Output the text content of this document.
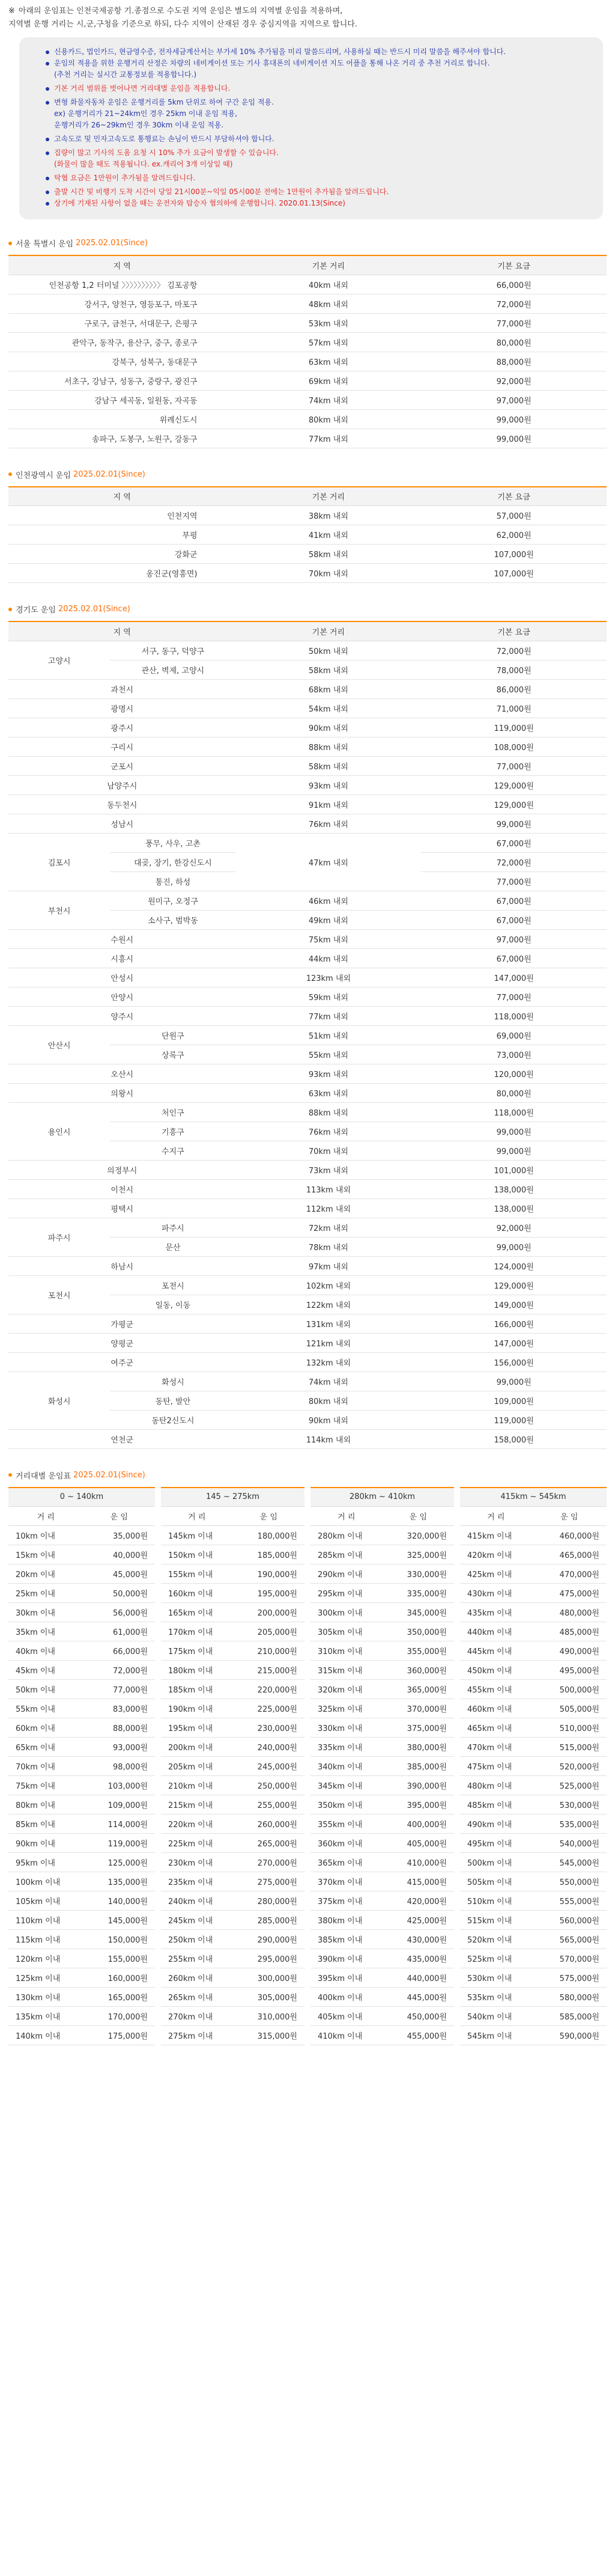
※ 아래의 운임표는 인천국제공항 기.종점으로 수도권 지역 운임은 별도의 지역별 운임을 적용하며,
지역별 운행 거리는 시,군,구청을 기준으로 하되, 다수 지역이 산재된 경우 중심지역을 지역으로 합니다.
신용카드, 법인카드, 현금영수증, 전자세금계산서는 부가세 10% 추가됨을 미리 말씀드리며, 사용하실 때는 반드시 미리 말씀을 해주셔야 합니다.
운임의 적용을 위한 운행거리 산정은 차량의 네비게이션 또는 기사 휴대폰의 네비게이션 지도 어플을 통해 나온 거리 중 추천 거리로 합니다.
(추천 거리는 실시간 교통정보를 적용합니다.)
기본 거리 범위를 벗어나면 거리대별 운임을 적용합니다.
변형 화물자동차 운임은 운행거리를 5km 단위로 하여 구간 운임 적용.
ex) 운행거리가 21~24km인 경우 25km 이내 운임 적용,
운행거리가 26~29km인 경우 30km 이내 운임 적용.
고속도로 및 민자고속도로 통행료는 손님이 반드시 부담하셔야 합니다.
집량이 많고 기사의 도움 요청 시 10% 추가 요금이 발생할 수 있습니다.
(화물이 많을 때도 적용됩니다. ex.캐리어 3개 이상일 때)
탁협 요금은 1만원이 추가됨을 알려드립니다.
출발 시간 및 비행기 도착 시간이 당일 21시00분~익일 05시00분 전에는 1만원이 추가됨을 알려드립니다.
상기에 기재된 사항이 없을 때는 운전자와 탑승자 협의하에 운행합니다. 2020.01.13(Since)
서울 특별시 운임 2025.02.01(Since)
지 역	기본 거리	기본 요금
인천공항 1,2 터미널 〉〉〉〉〉〉〉〉〉〉 김포공항	40km 내외	66,000원
강서구, 양천구, 영등포구, 마포구	48km 내외	72,000원
구로구, 금천구, 서대문구, 은평구	53km 내외	77,000원
관악구, 동작구, 용산구, 중구, 종로구	57km 내외	80,000원
강북구, 성북구, 동대문구	63km 내외	88,000원
서초구, 강남구, 성동구, 중랑구, 광진구	69km 내외	92,000원
강남구 세곡동, 일원동, 자곡동	74km 내외	97,000원
위례신도시	80km 내외	99,000원
송파구, 도봉구, 노원구, 강동구	77km 내외	99,000원
인천광역시 운임 2025.02.01(Since)
지 역	기본 거리	기본 요금
인천지역	38km 내외	57,000원
부평	41km 내외	62,000원
강화군	58km 내외	107,000원
옹진군(영흥면)	70km 내외	107,000원
경기도 운임 2025.02.01(Since)
지 역		기본 거리	기본 요금
고양시	서구, 동구, 덕양구	50km 내외	72,000원
	관산, 벽제, 고양시	58km 내외	78,000원
과천시		68km 내외	86,000원
광명시		54km 내외	71,000원
광주시		90km 내외	119,000원
구리시		88km 내외	108,000원
군포시		58km 내외	77,000원
남양주시		93km 내외	129,000원
동두천시		91km 내외	129,000원
성남시		76km 내외	99,000원
김포시	풍무, 사우, 고촌	47km 내외	67,000원
	대곶, 장기, 한강신도시		72,000원
	통진, 하성		77,000원
부천시	원미구, 오정구	46km 내외	67,000원
	소사구, 범박동	49km 내외	67,000원
수원시		75km 내외	97,000원
시흥시		44km 내외	67,000원
안성시		123km 내외	147,000원
안양시		59km 내외	77,000원
양주시		77km 내외	118,000원
안산시	단원구	51km 내외	69,000원
	상록구	55km 내외	73,000원
오산시		93km 내외	120,000원
의왕시		63km 내외	80,000원
용인시	처인구	88km 내외	118,000원
	기흥구	76km 내외	99,000원
	수지구	70km 내외	99,000원
의정부시		73km 내외	101,000원
이천시		113km 내외	138,000원
평택시		112km 내외	138,000원
파주시	파주시	72km 내외	92,000원
	문산	78km 내외	99,000원
하남시		97km 내외	124,000원
포천시	포천시	102km 내외	129,000원
	일동, 이동	122km 내외	149,000원
가평군		131km 내외	166,000원
양평군		121km 내외	147,000원
여주군		132km 내외	156,000원
화성시	화성시	74km 내외	99,000원
	동탄, 발안	80km 내외	109,000원
	동탄2신도시	90km 내외	119,000원
연천군		114km 내외	158,000원
거리대별 운임표 2025.02.01(Since)
0 ~ 140km		145 ~ 275km		280km ~ 410km		415km ~ 545km	
거 리	운 임	거 리	운 임	거 리	운 임	거 리	운 임
10km 이내	35,000원	145km 이내	180,000원	280km 이내	320,000원	415km 이내	460,000원
15km 이내	40,000원	150km 이내	185,000원	285km 이내	325,000원	420km 이내	465,000원
20km 이내	45,000원	155km 이내	190,000원	290km 이내	330,000원	425km 이내	470,000원
25km 이내	50,000원	160km 이내	195,000원	295km 이내	335,000원	430km 이내	475,000원
30km 이내	56,000원	165km 이내	200,000원	300km 이내	345,000원	435km 이내	480,000원
35km 이내	61,000원	170km 이내	205,000원	305km 이내	350,000원	440km 이내	485,000원
40km 이내	66,000원	175km 이내	210,000원	310km 이내	355,000원	445km 이내	490,000원
45km 이내	72,000원	180km 이내	215,000원	315km 이내	360,000원	450km 이내	495,000원
50km 이내	77,000원	185km 이내	220,000원	320km 이내	365,000원	455km 이내	500,000원
55km 이내	83,000원	190km 이내	225,000원	325km 이내	370,000원	460km 이내	505,000원
60km 이내	88,000원	195km 이내	230,000원	330km 이내	375,000원	465km 이내	510,000원
65km 이내	93,000원	200km 이내	240,000원	335km 이내	380,000원	470km 이내	515,000원
70km 이내	98,000원	205km 이내	245,000원	340km 이내	385,000원	475km 이내	520,000원
75km 이내	103,000원	210km 이내	250,000원	345km 이내	390,000원	480km 이내	525,000원
80km 이내	109,000원	215km 이내	255,000원	350km 이내	395,000원	485km 이내	530,000원
85km 이내	114,000원	220km 이내	260,000원	355km 이내	400,000원	490km 이내	535,000원
90km 이내	119,000원	225km 이내	265,000원	360km 이내	405,000원	495km 이내	540,000원
95km 이내	125,000원	230km 이내	270,000원	365km 이내	410,000원	500km 이내	545,000원
100km 이내	135,000원	235km 이내	275,000원	370km 이내	415,000원	505km 이내	550,000원
105km 이내	140,000원	240km 이내	280,000원	375km 이내	420,000원	510km 이내	555,000원
110km 이내	145,000원	245km 이내	285,000원	380km 이내	425,000원	515km 이내	560,000원
115km 이내	150,000원	250km 이내	290,000원	385km 이내	430,000원	520km 이내	565,000원
120km 이내	155,000원	255km 이내	295,000원	390km 이내	435,000원	525km 이내	570,000원
125km 이내	160,000원	260km 이내	300,000원	395km 이내	440,000원	530km 이내	575,000원
130km 이내	165,000원	265km 이내	305,000원	400km 이내	445,000원	535km 이내	580,000원
135km 이내	170,000원	270km 이내	310,000원	405km 이내	450,000원	540km 이내	585,000원
140km 이내	175,000원	275km 이내	315,000원	410km 이내	455,000원	545km 이내	590,000원
